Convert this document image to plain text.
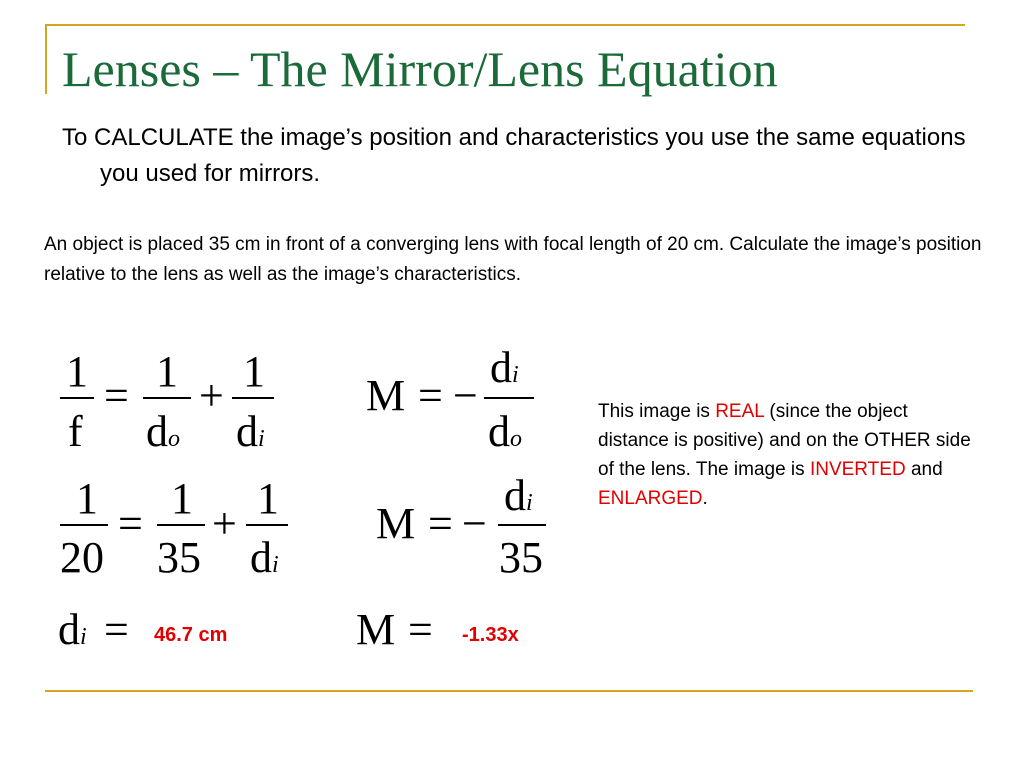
Lenses – The Mirror/Lens Equation
To CALCULATE the image’s position and characteristics you use the same equations you used for mirrors.
An object is placed 35 cm in front of a converging lens with focal length of 20 cm. Calculate the image’s position relative to the lens as well as the image’s characteristics.
1
f
= 1
do
+ 1
di
M = −
di
do
1
20
=
1
35
+
1
di
M = −
di
35
di = 46.7 cm	M = -1.33x
This image is REAL (since the object distance is positive) and on the OTHER side of the lens. The image is INVERTED and ENLARGED.
